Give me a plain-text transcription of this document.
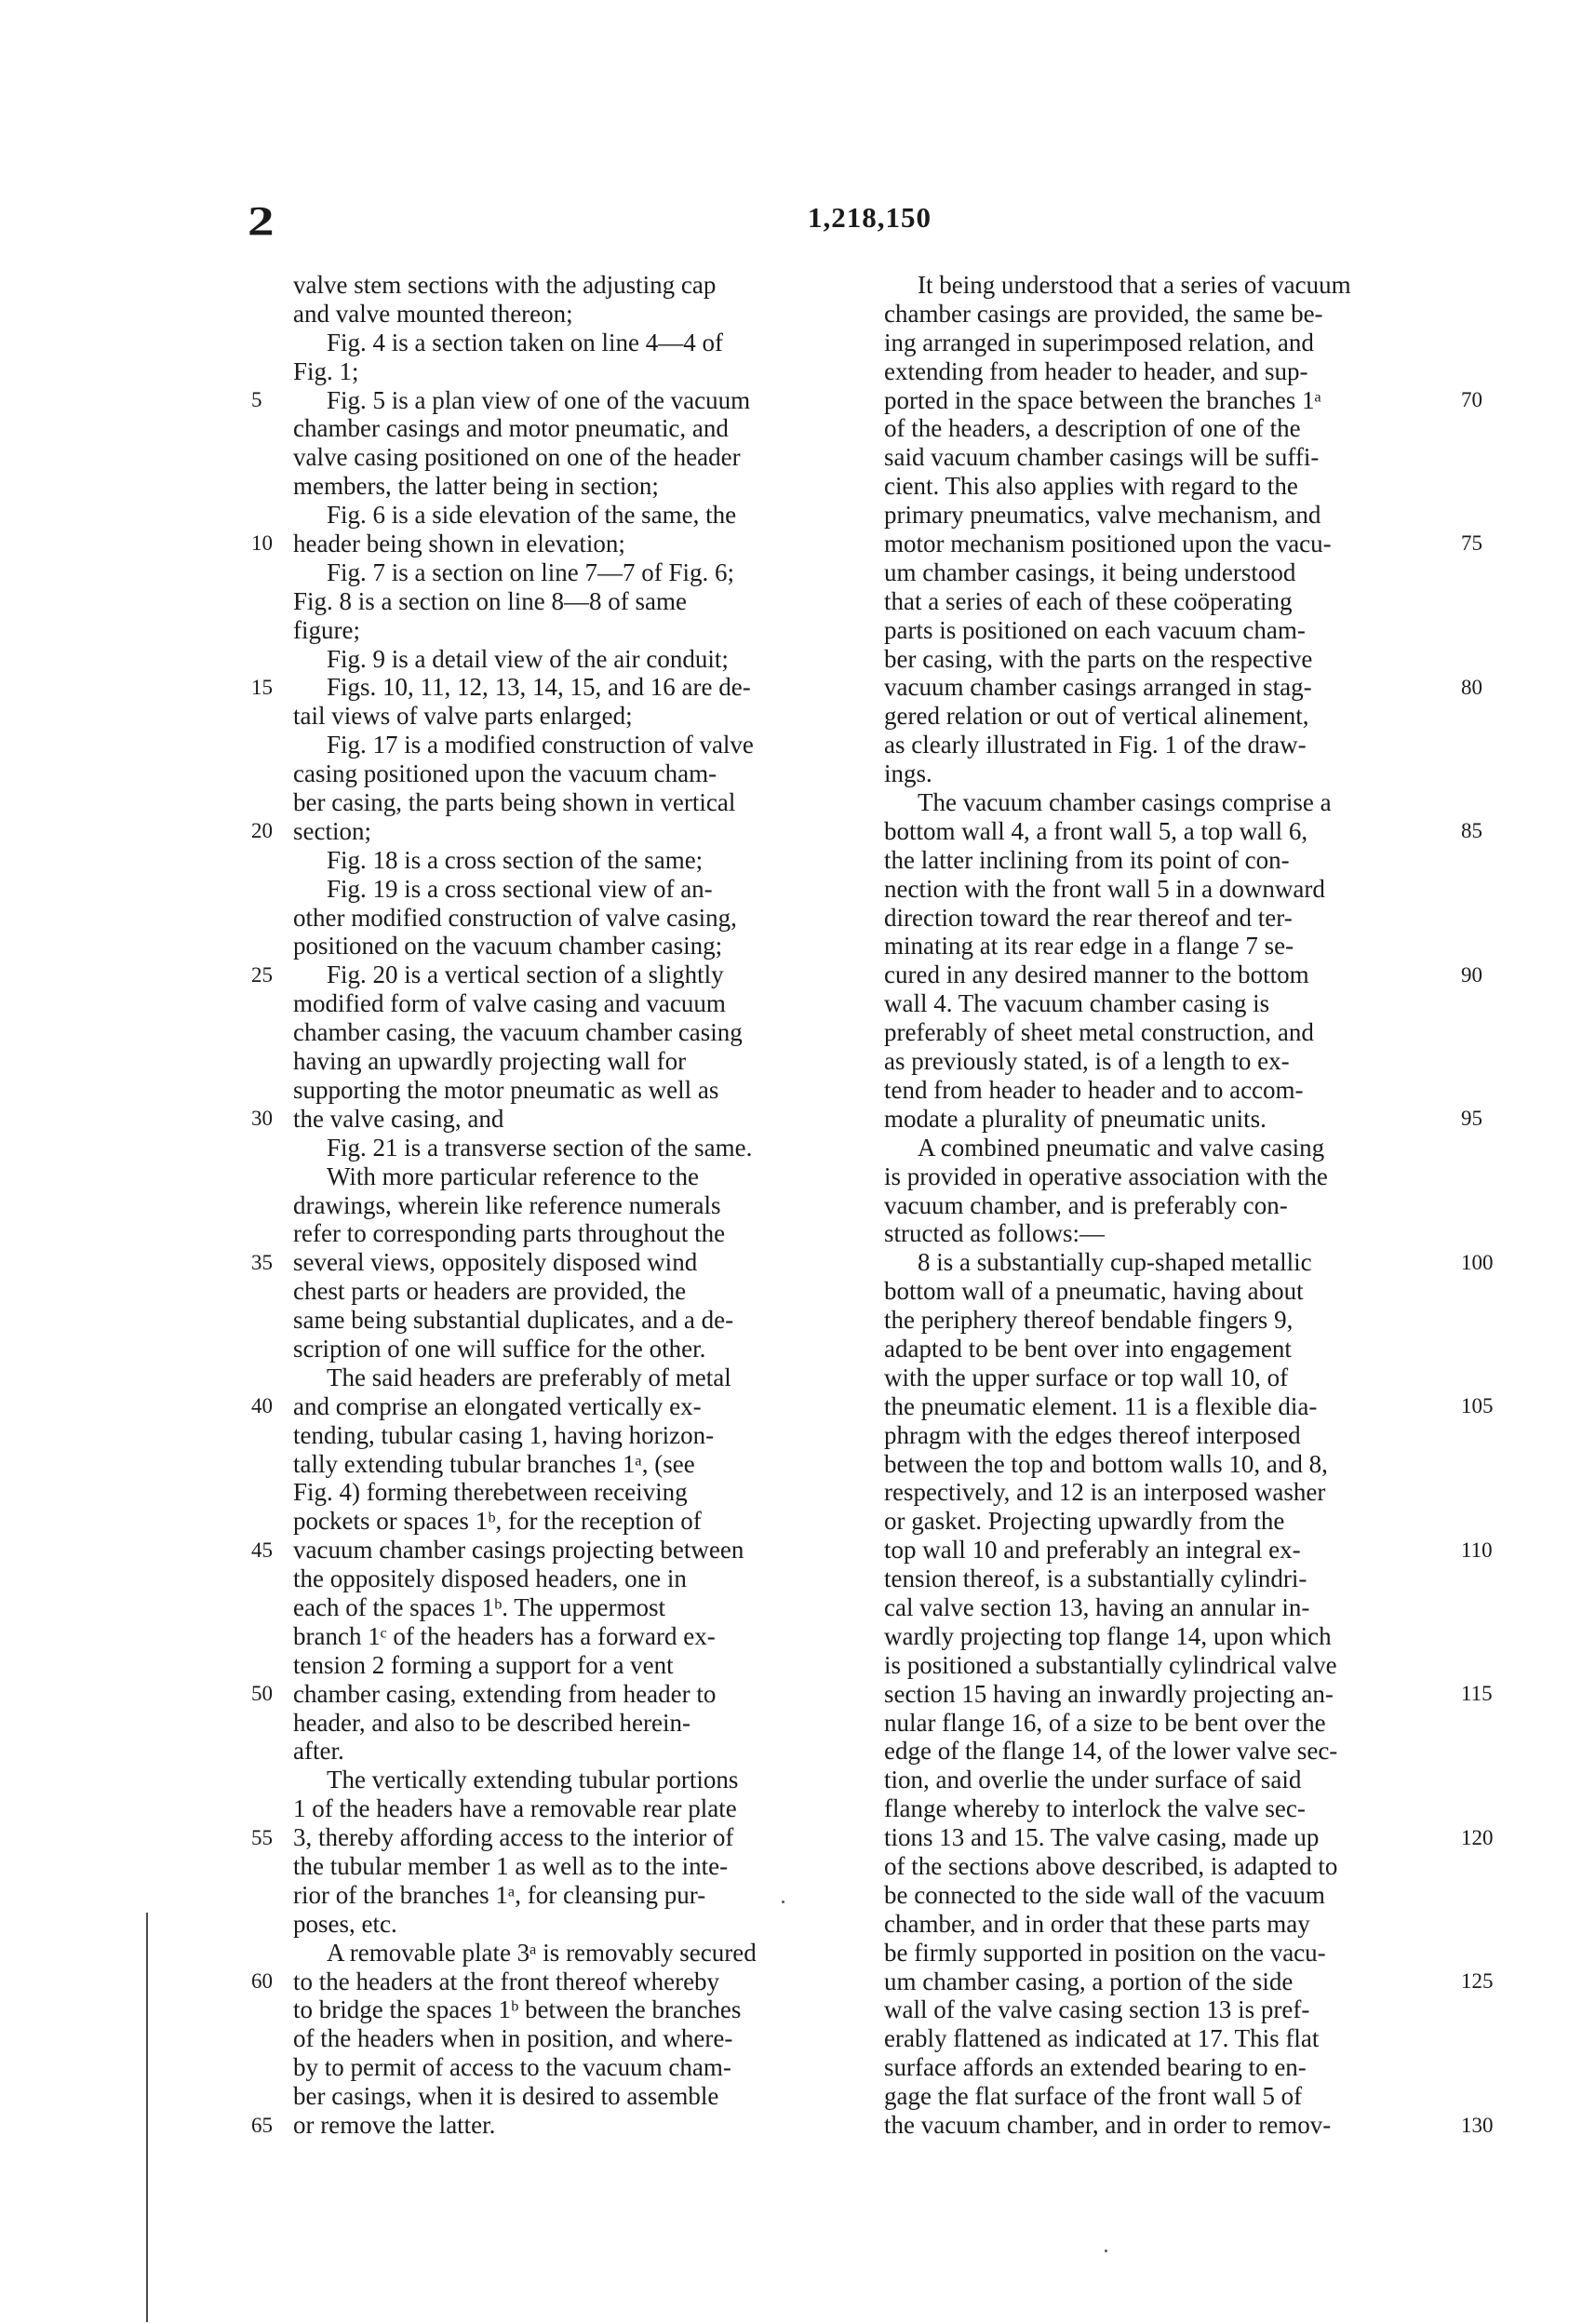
2	1,218,150
valve stem sections with the adjusting cap
and valve mounted thereon;
Fig. 4 is a section taken on line 4—4 of
Fig. 1;
Fig. 5 is a plan view of one of the vacuum
chamber casings and motor pneumatic, and
valve casing positioned on one of the header
members, the latter being in section;
Fig. 6 is a side elevation of the same, the
header being shown in elevation;
Fig. 7 is a section on line 7—7 of Fig. 6;
Fig. 8 is a section on line 8—8 of same
figure;
Fig. 9 is a detail view of the air conduit;
Figs. 10, 11, 12, 13, 14, 15, and 16 are de-
tail views of valve parts enlarged;
Fig. 17 is a modified construction of valve
casing positioned upon the vacuum cham-
ber casing, the parts being shown in vertical
section;
Fig. 18 is a cross section of the same;
Fig. 19 is a cross sectional view of an-
other modified construction of valve casing,
positioned on the vacuum chamber casing;
Fig. 20 is a vertical section of a slightly
modified form of valve casing and vacuum
chamber casing, the vacuum chamber casing
having an upwardly projecting wall for
supporting the motor pneumatic as well as
the valve casing, and
Fig. 21 is a transverse section of the same.
With more particular reference to the
drawings, wherein like reference numerals
refer to corresponding parts throughout the
several views, oppositely disposed wind
chest parts or headers are provided, the
same being substantial duplicates, and a de-
scription of one will suffice for the other.
The said headers are preferably of metal
and comprise an elongated vertically ex-
tending, tubular casing 1, having horizon-
tally extending tubular branches 1ᵃ, (see
Fig. 4) forming therebetween receiving
pockets or spaces 1ᵇ, for the reception of
vacuum chamber casings projecting between
the oppositely disposed headers, one in
each of the spaces 1ᵇ. The uppermost
branch 1ᶜ of the headers has a forward ex-
tension 2 forming a support for a vent
chamber casing, extending from header to
header, and also to be described herein-
after.
The vertically extending tubular portions
1 of the headers have a removable rear plate
3, thereby affording access to the interior of
the tubular member 1 as well as to the inte-
rior of the branches 1ᵃ, for cleansing pur-
poses, etc.
A removable plate 3ᵃ is removably secured
to the headers at the front thereof whereby
to bridge the spaces 1ᵇ between the branches
of the headers when in position, and where-
by to permit of access to the vacuum cham-
ber casings, when it is desired to assemble
or remove the latter.
It being understood that a series of vacuum
chamber casings are provided, the same be-
ing arranged in superimposed relation, and
extending from header to header, and sup-
ported in the space between the branches 1ᵃ
of the headers, a description of one of the
said vacuum chamber casings will be suffi-
cient. This also applies with regard to the
primary pneumatics, valve mechanism, and
motor mechanism positioned upon the vacu-
um chamber casings, it being understood
that a series of each of these coöperating
parts is positioned on each vacuum cham-
ber casing, with the parts on the respective
vacuum chamber casings arranged in stag-
gered relation or out of vertical alinement,
as clearly illustrated in Fig. 1 of the draw-
ings.
The vacuum chamber casings comprise a
bottom wall 4, a front wall 5, a top wall 6,
the latter inclining from its point of con-
nection with the front wall 5 in a downward
direction toward the rear thereof and ter-
minating at its rear edge in a flange 7 se-
cured in any desired manner to the bottom
wall 4. The vacuum chamber casing is
preferably of sheet metal construction, and
as previously stated, is of a length to ex-
tend from header to header and to accom-
modate a plurality of pneumatic units.
A combined pneumatic and valve casing
is provided in operative association with the
vacuum chamber, and is preferably con-
structed as follows:—
8 is a substantially cup-shaped metallic
bottom wall of a pneumatic, having about
the periphery thereof bendable fingers 9,
adapted to be bent over into engagement
with the upper surface or top wall 10, of
the pneumatic element. 11 is a flexible dia-
phragm with the edges thereof interposed
between the top and bottom walls 10, and 8,
respectively, and 12 is an interposed washer
or gasket. Projecting upwardly from the
top wall 10 and preferably an integral ex-
tension thereof, is a substantially cylindri-
cal valve section 13, having an annular in-
wardly projecting top flange 14, upon which
is positioned a substantially cylindrical valve
section 15 having an inwardly projecting an-
nular flange 16, of a size to be bent over the
edge of the flange 14, of the lower valve sec-
tion, and overlie the under surface of said
flange whereby to interlock the valve sec-
tions 13 and 15. The valve casing, made up
of the sections above described, is adapted to
be connected to the side wall of the vacuum
chamber, and in order that these parts may
be firmly supported in position on the vacu-
um chamber casing, a portion of the side
wall of the valve casing section 13 is pref-
erably flattened as indicated at 17. This flat
surface affords an extended bearing to en-
gage the flat surface of the front wall 5 of
the vacuum chamber, and in order to remov-
5
10
15
20
25
30
35
40
45
50
55
60
65
70
75
80
85
90
95
100
105
110
115
120
125
130
